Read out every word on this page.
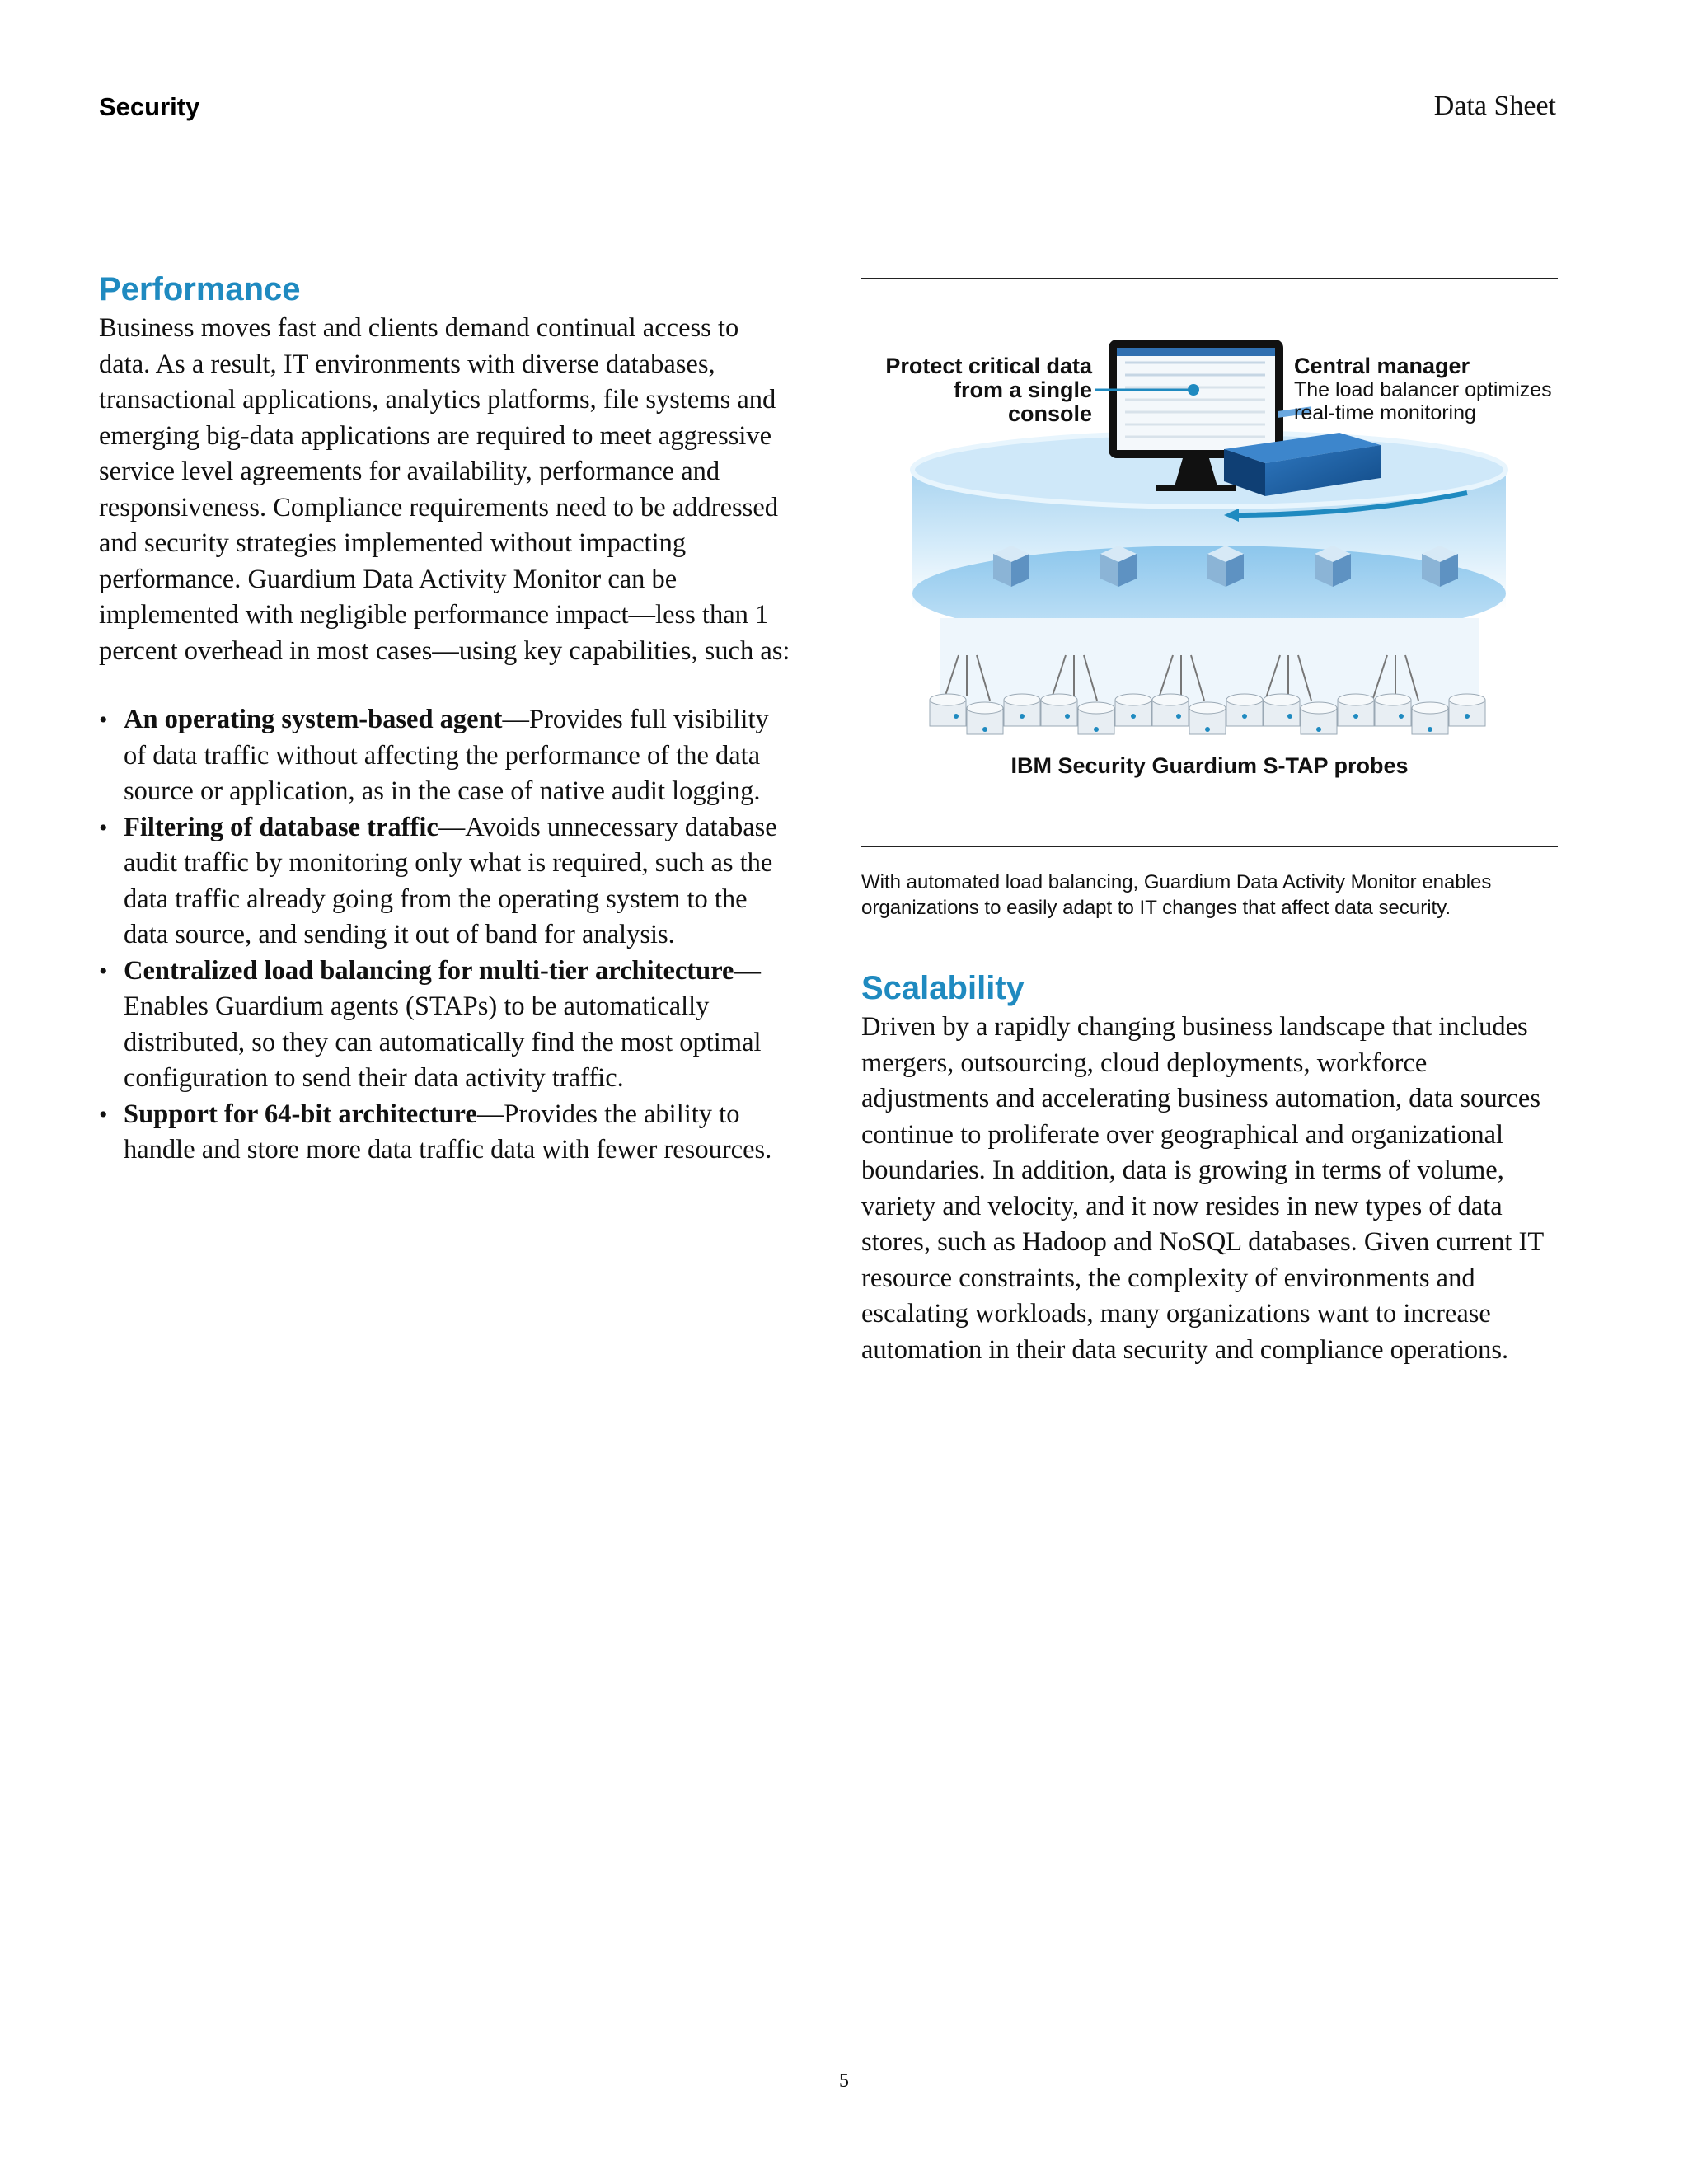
Security	Data Sheet
Performance

Business moves fast and clients demand continual access to data. As a result, IT environments with diverse databases, transactional applications, analytics platforms, file systems and emerging big-data applications are required to meet aggressive service level agreements for availability, performance and responsiveness. Compliance requirements need to be addressed and security strategies implemented without impacting performance. Guardium Data Activity Monitor can be implemented with negligible performance impact—less than 1 percent overhead in most cases—using key capabilities, such as:

• An operating system-based agent—Provides full visibility of data traffic without affecting the performance of the data source or application, as in the case of native audit logging.
• Filtering of database traffic—Avoids unnecessary database audit traffic by monitoring only what is required, such as the data traffic already going from the operating system to the data source, and sending it out of band for analysis.
• Centralized load balancing for multi-tier architecture—Enables Guardium agents (STAPs) to be automatically distributed, so they can automatically find the most optimal configuration to send their data activity traffic.
• Support for 64-bit architecture—Provides the ability to handle and store more data traffic data with fewer resources.
Protect critical data
from a single
console
Central manager
The load balancer optimizes
real-time monitoring
IBM Security Guardium S-TAP probes
With automated load balancing, Guardium Data Activity Monitor enables organizations to easily adapt to IT changes that affect data security.
Scalability

Driven by a rapidly changing business landscape that includes mergers, outsourcing, cloud deployments, workforce adjustments and accelerating business automation, data sources continue to proliferate over geographical and organizational boundaries. In addition, data is growing in terms of volume, variety and velocity, and it now resides in new types of data stores, such as Hadoop and NoSQL databases. Given current IT resource constraints, the complexity of environments and escalating workloads, many organizations want to increase automation in their data security and compliance operations.

5
